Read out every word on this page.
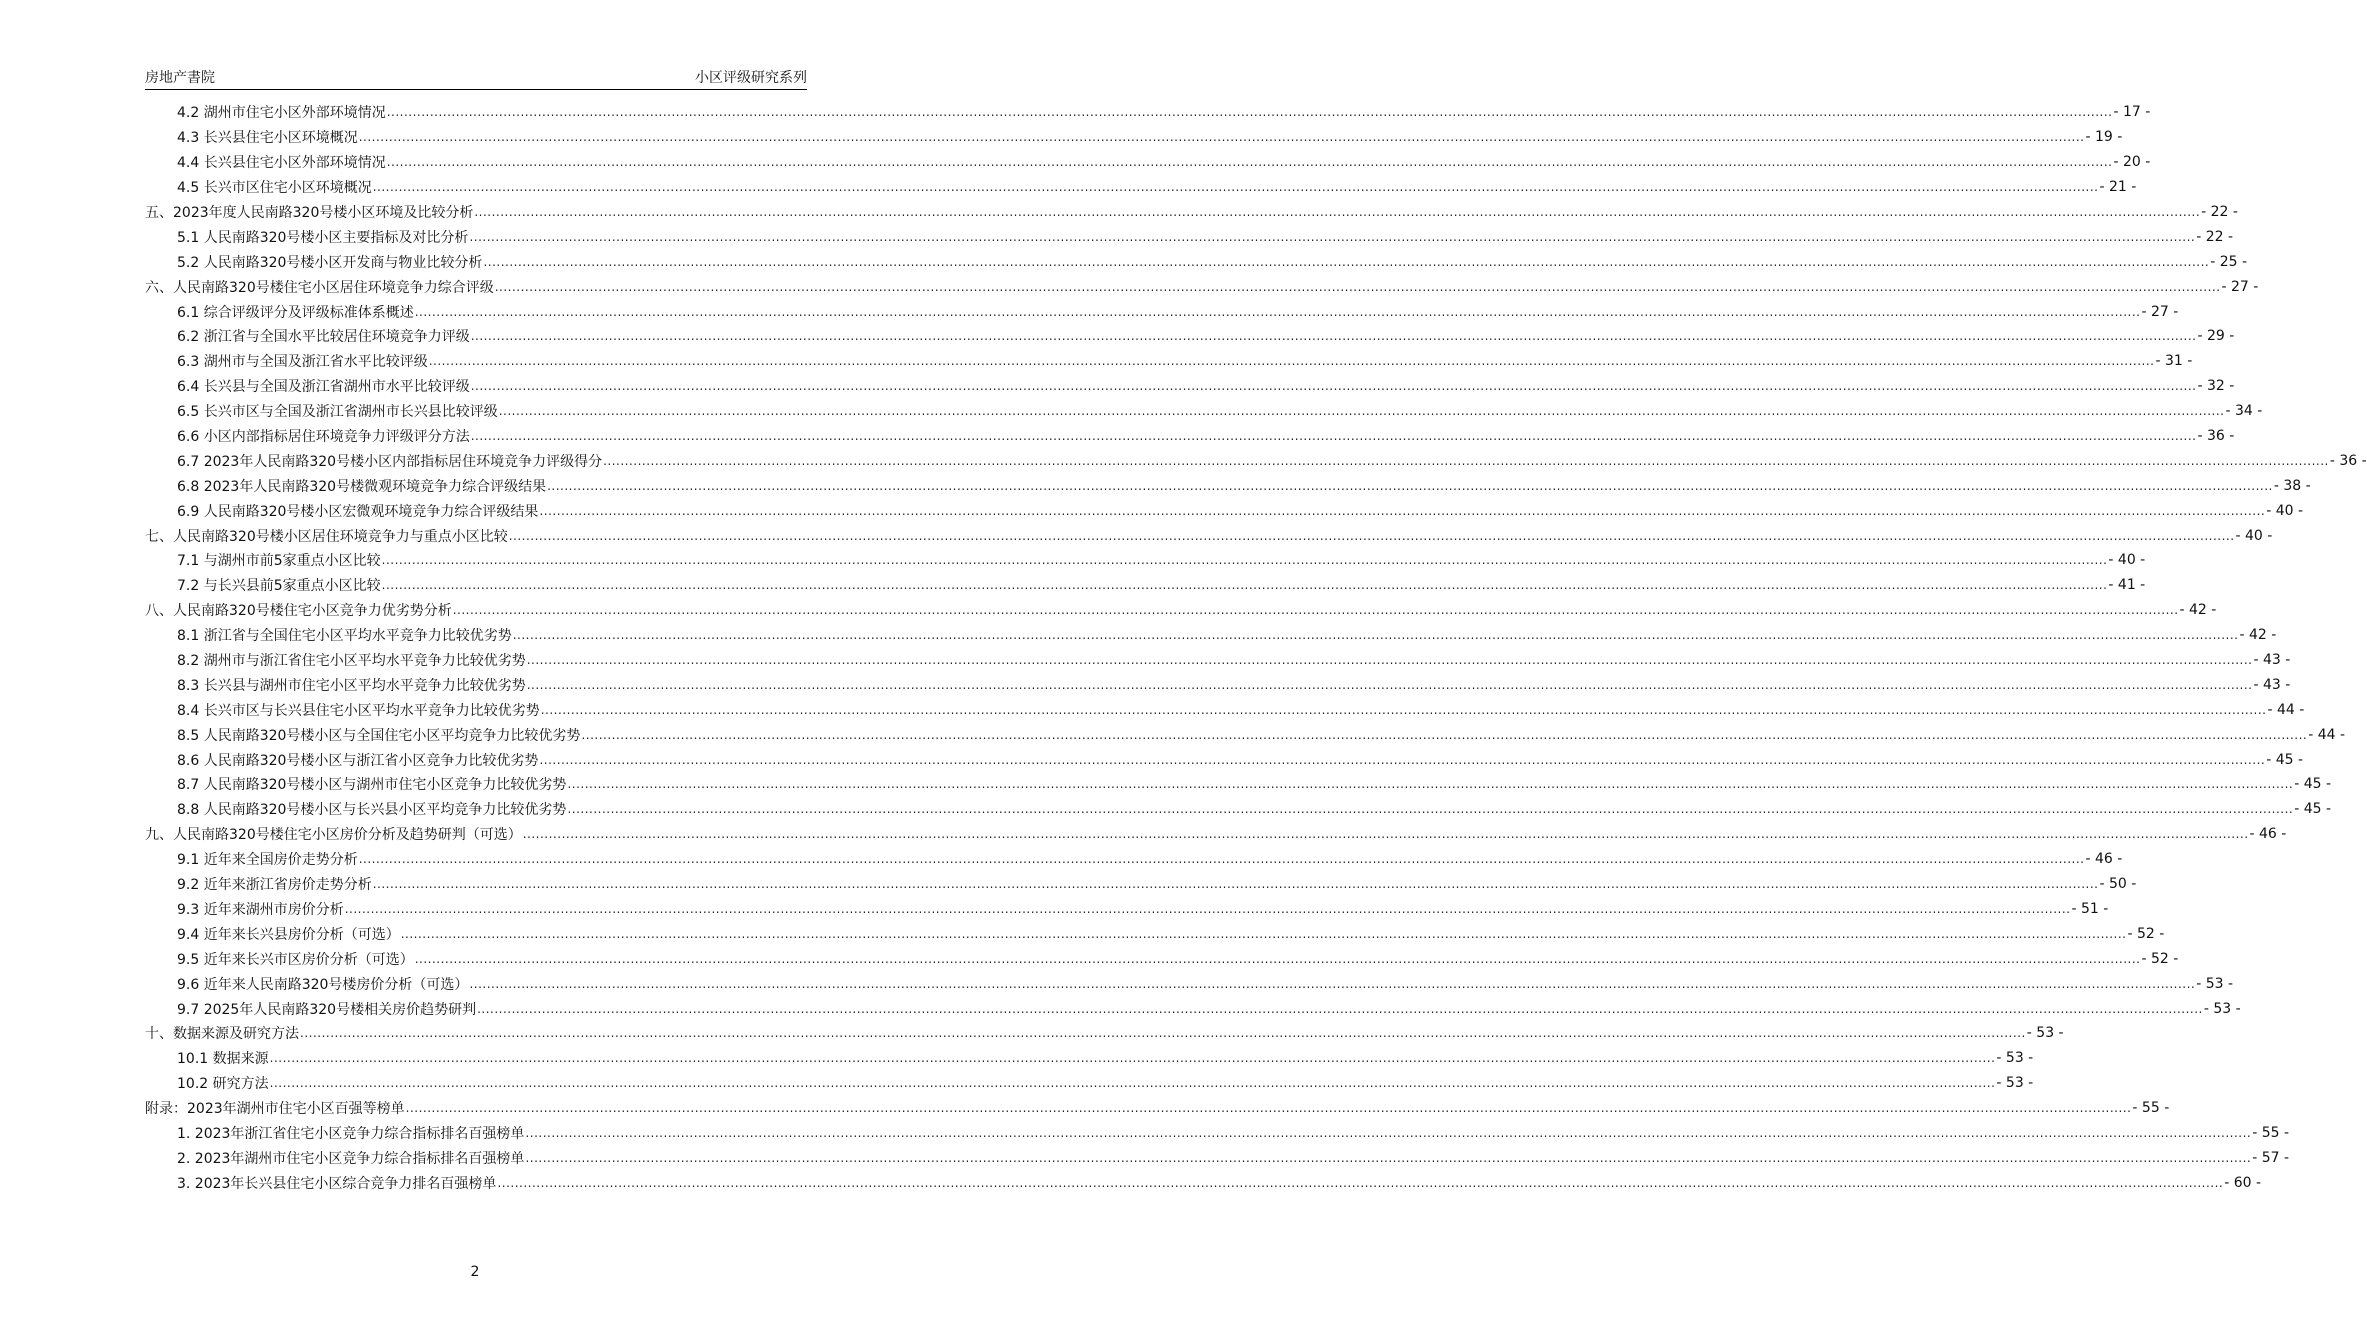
房地产書院	小区评级研究系列
4.2 湖州市住宅小区外部环境情况 ................................................................................................................................................................................................................................................................................................................................................................................................................ - 17 -
4.3 长兴县住宅小区环境概况 ................................................................................................................................................................................................................................................................................................................................................................................................................ - 19 -
4.4 长兴县住宅小区外部环境情况 ................................................................................................................................................................................................................................................................................................................................................................................................................ - 20 -
4.5 长兴市区住宅小区环境概况 ................................................................................................................................................................................................................................................................................................................................................................................................................ - 21 -
五、2023年度人民南路320号楼小区环境及比较分析 ................................................................................................................................................................................................................................................................................................................................................................................................................ - 22 -
5.1 人民南路320号楼小区主要指标及对比分析 ................................................................................................................................................................................................................................................................................................................................................................................................................ - 22 -
5.2 人民南路320号楼小区开发商与物业比较分析 ................................................................................................................................................................................................................................................................................................................................................................................................................ - 25 -
六、人民南路320号楼住宅小区居住环境竞争力综合评级 ................................................................................................................................................................................................................................................................................................................................................................................................................ - 27 -
6.1 综合评级评分及评级标准体系概述 ................................................................................................................................................................................................................................................................................................................................................................................................................ - 27 -
6.2 浙江省与全国水平比较居住环境竞争力评级 ................................................................................................................................................................................................................................................................................................................................................................................................................ - 29 -
6.3 湖州市与全国及浙江省水平比较评级 ................................................................................................................................................................................................................................................................................................................................................................................................................ - 31 -
6.4 长兴县与全国及浙江省湖州市水平比较评级 ................................................................................................................................................................................................................................................................................................................................................................................................................ - 32 -
6.5 长兴市区与全国及浙江省湖州市长兴县比较评级 ................................................................................................................................................................................................................................................................................................................................................................................................................ - 34 -
6.6 小区内部指标居住环境竞争力评级评分方法 ................................................................................................................................................................................................................................................................................................................................................................................................................ - 36 -
6.7 2023年人民南路320号楼小区内部指标居住环境竞争力评级得分 ................................................................................................................................................................................................................................................................................................................................................................................................................ - 36 -
6.8 2023年人民南路320号楼微观环境竞争力综合评级结果 ................................................................................................................................................................................................................................................................................................................................................................................................................ - 38 -
6.9 人民南路320号楼小区宏微观环境竞争力综合评级结果 ................................................................................................................................................................................................................................................................................................................................................................................................................ - 40 -
七、人民南路320号楼小区居住环境竞争力与重点小区比较 ................................................................................................................................................................................................................................................................................................................................................................................................................ - 40 -
7.1 与湖州市前5家重点小区比较 ................................................................................................................................................................................................................................................................................................................................................................................................................ - 40 -
7.2 与长兴县前5家重点小区比较 ................................................................................................................................................................................................................................................................................................................................................................................................................ - 41 -
八、人民南路320号楼住宅小区竞争力优劣势分析 ................................................................................................................................................................................................................................................................................................................................................................................................................ - 42 -
8.1 浙江省与全国住宅小区平均水平竞争力比较优劣势 ................................................................................................................................................................................................................................................................................................................................................................................................................ - 42 -
8.2 湖州市与浙江省住宅小区平均水平竞争力比较优劣势 ................................................................................................................................................................................................................................................................................................................................................................................................................ - 43 -
8.3 长兴县与湖州市住宅小区平均水平竞争力比较优劣势 ................................................................................................................................................................................................................................................................................................................................................................................................................ - 43 -
8.4 长兴市区与长兴县住宅小区平均水平竞争力比较优劣势 ................................................................................................................................................................................................................................................................................................................................................................................................................ - 44 -
8.5 人民南路320号楼小区与全国住宅小区平均竞争力比较优劣势 ................................................................................................................................................................................................................................................................................................................................................................................................................ - 44 -
8.6 人民南路320号楼小区与浙江省小区竞争力比较优劣势 ................................................................................................................................................................................................................................................................................................................................................................................................................ - 45 -
8.7 人民南路320号楼小区与湖州市住宅小区竞争力比较优劣势 ................................................................................................................................................................................................................................................................................................................................................................................................................ - 45 -
8.8 人民南路320号楼小区与长兴县小区平均竞争力比较优劣势 ................................................................................................................................................................................................................................................................................................................................................................................................................ - 45 -
九、人民南路320号楼住宅小区房价分析及趋势研判（可选） ................................................................................................................................................................................................................................................................................................................................................................................................................ - 46 -
9.1 近年来全国房价走势分析 ................................................................................................................................................................................................................................................................................................................................................................................................................ - 46 -
9.2 近年来浙江省房价走势分析 ................................................................................................................................................................................................................................................................................................................................................................................................................ - 50 -
9.3 近年来湖州市房价分析 ................................................................................................................................................................................................................................................................................................................................................................................................................ - 51 -
9.4 近年来长兴县房价分析（可选） ................................................................................................................................................................................................................................................................................................................................................................................................................ - 52 -
9.5 近年来长兴市区房价分析（可选） ................................................................................................................................................................................................................................................................................................................................................................................................................ - 52 -
9.6 近年来人民南路320号楼房价分析（可选） ................................................................................................................................................................................................................................................................................................................................................................................................................ - 53 -
9.7 2025年人民南路320号楼相关房价趋势研判 ................................................................................................................................................................................................................................................................................................................................................................................................................ - 53 -
十、数据来源及研究方法 ................................................................................................................................................................................................................................................................................................................................................................................................................ - 53 -
10.1 数据来源 ................................................................................................................................................................................................................................................................................................................................................................................................................ - 53 -
10.2 研究方法 ................................................................................................................................................................................................................................................................................................................................................................................................................ - 53 -
附录：2023年湖州市住宅小区百强等榜单 ................................................................................................................................................................................................................................................................................................................................................................................................................ - 55 -
1. 2023年浙江省住宅小区竞争力综合指标排名百强榜单 ................................................................................................................................................................................................................................................................................................................................................................................................................ - 55 -
2. 2023年湖州市住宅小区竞争力综合指标排名百强榜单 ................................................................................................................................................................................................................................................................................................................................................................................................................ - 57 -
3. 2023年长兴县住宅小区综合竞争力排名百强榜单 ................................................................................................................................................................................................................................................................................................................................................................................................................ - 60 -
2
